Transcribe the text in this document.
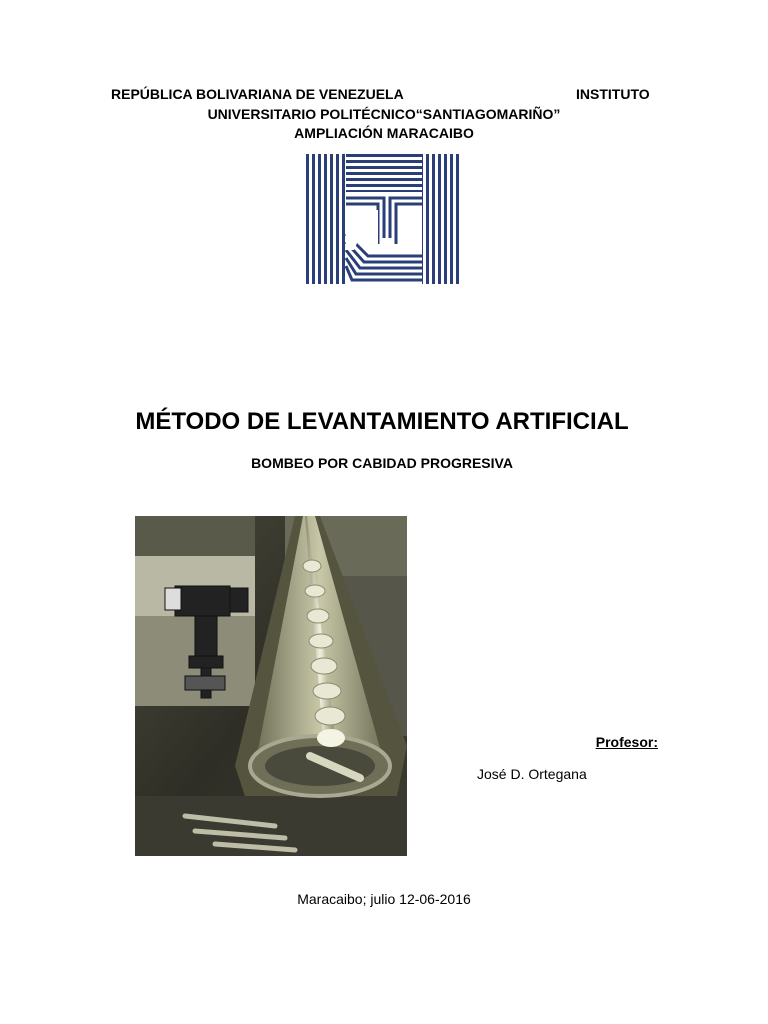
REPÚBLICA BOLIVARIANA DE VENEZUELA	INSTITUTO
UNIVERSITARIO POLITÉCNICO“SANTIAGOMARIÑO”
AMPLIACIÓN MARACAIBO
MÉTODO DE LEVANTAMIENTO ARTIFICIAL
BOMBEO POR CABIDAD PROGRESIVA
Profesor:
José D. Ortegana
Maracaibo; julio 12-06-2016
